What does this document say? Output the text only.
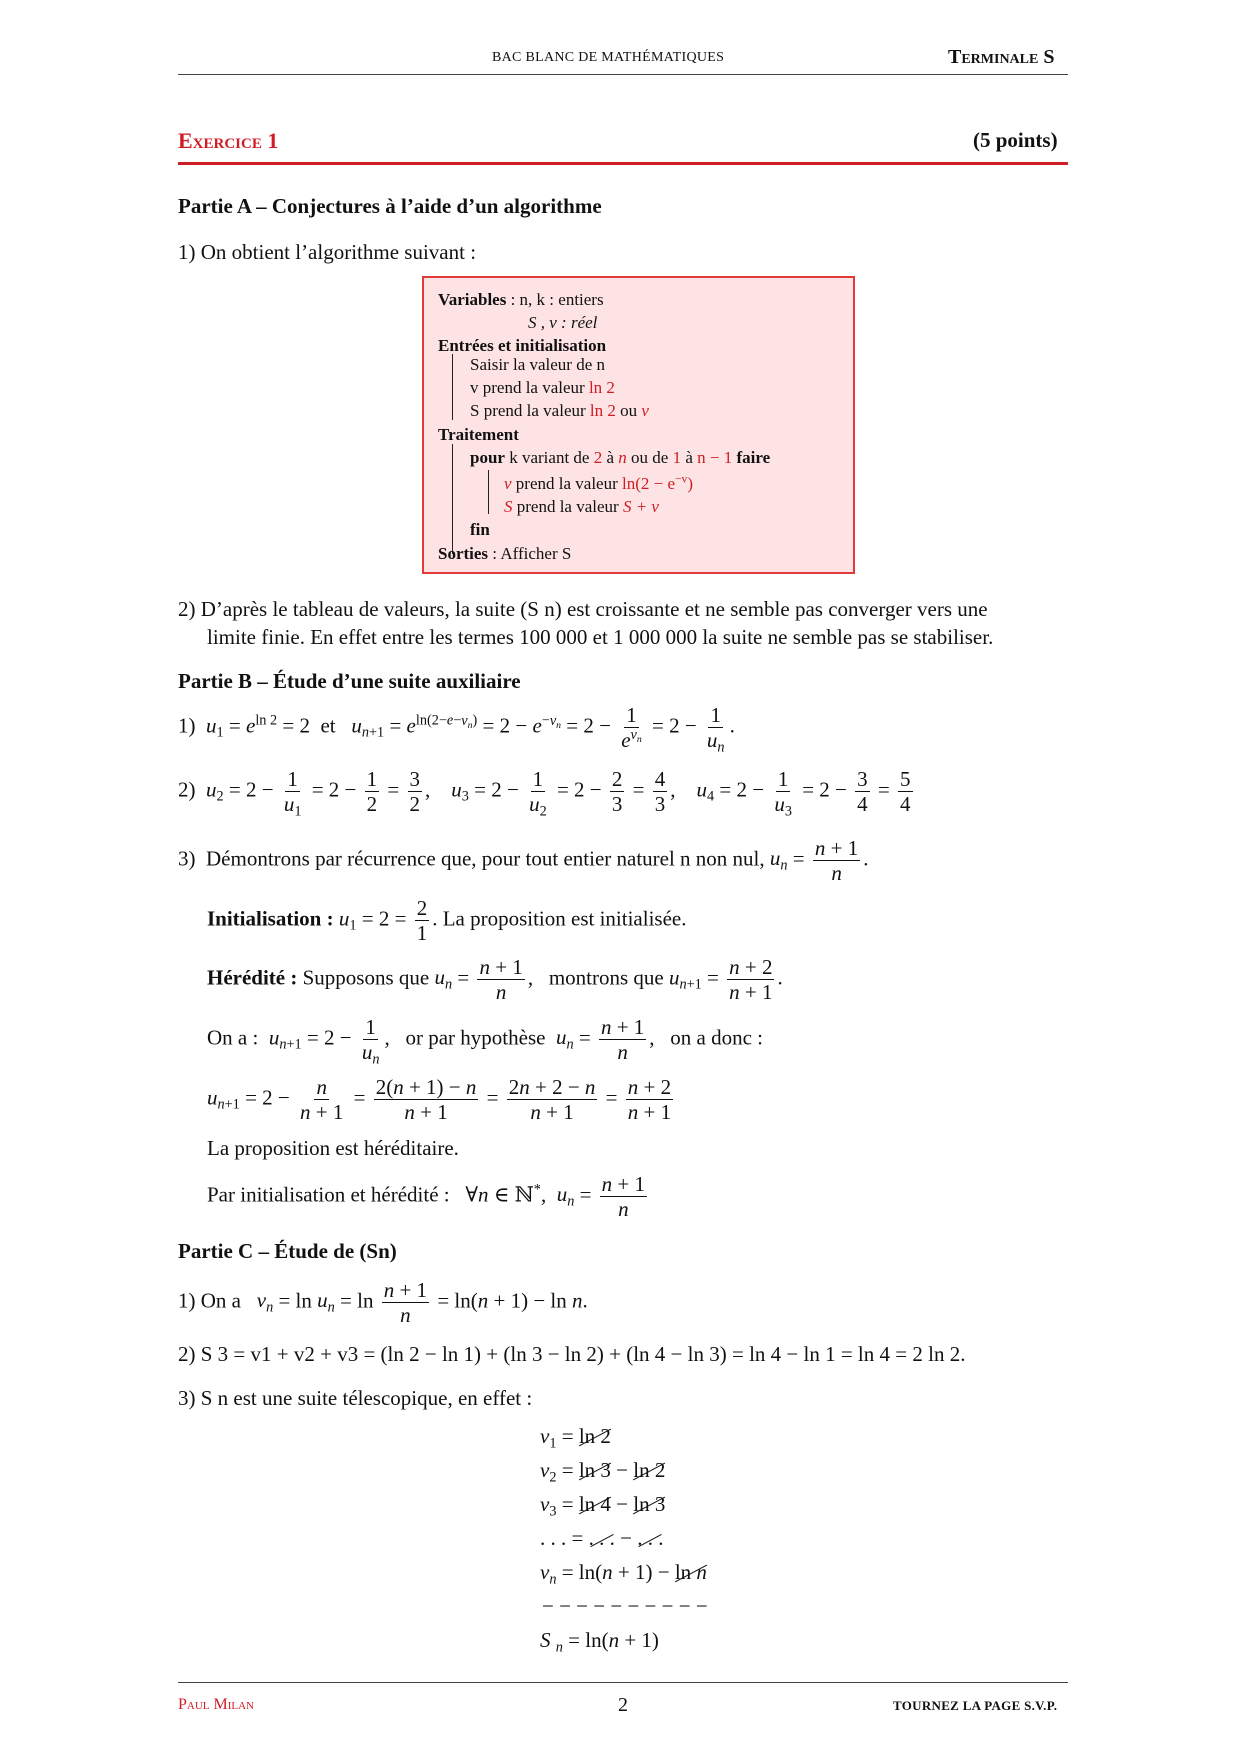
BAC BLANC DE MATHÉMATIQUES	Terminale S
Exercice 1	(5 points)
Partie A – Conjectures à l’aide d’un algorithme
1) On obtient l’algorithme suivant :
Variables : n, k : entiers
S , v : réel
Entrées et initialisation
Saisir la valeur de n
v prend la valeur ln 2
S prend la valeur ln 2 ou v
Traitement
pour k variant de 2 à n ou de 1 à n − 1 faire
v prend la valeur $\ln(2 - e^{-v})$
S prend la valeur S + v
fin
Sorties : Afficher S
2) D’après le tableau de valeurs, la suite (S n) est croissante et ne semble pas converger vers une
limite finie. En effet entre les termes 100 000 et 1 000 000 la suite ne semble pas se stabiliser.
Partie B – Étude d’une suite auxiliaire
1) $u_1 = e^{ln 2} = 2$  et   $u_{n+1} = e^{ln(2-e-v_n)} = 2 - e^{-v_n} = 2 - \frac{1}{e^{v_n}} = 2 - \frac{1}{u_n}$ .
2) $u_2 = 2 - \frac{1}{u_1} = 2 - \frac{1}{2} = \frac{3}{2}$ ,    $u_3 = 2 - \frac{1}{u_2} = 2 - \frac{2}{3} = \frac{4}{3}$ ,    $u_4 = 2 - \frac{1}{u_3} = 2 - \frac{3}{4} = \frac{5}{4}$
3) Démontrons par récurrence que, pour tout entier naturel n non nul, $u_n = \frac{n + 1}{n}$ .
Initialisation : $u_1 = 2 = \frac{2}{1}$ . La proposition est initialisée.
Hérédité : Supposons que $u_n = \frac{n + 1}{n}$ ,   montrons que $u_{n+1} = \frac{n + 2}{n + 1}$ .
On a : $u_{n+1} = 2 - \frac{1}{u_n}$ ,   or par hypothèse $u_n = \frac{n + 1}{n}$ ,   on a donc :
$u_{n+1} = 2 - \frac{n}{n + 1} = \frac{2(n + 1) - n}{n + 1} = \frac{2n + 2 - n}{n + 1} = \frac{n + 2}{n + 1}$
La proposition est héréditaire.
Par initialisation et hérédité :   ∀n ∈ ℕ*,  $u_n = \frac{n + 1}{n}$
Partie C – Étude de (Sn)
1) On a $v_n = \ln u_n = \ln \frac{n + 1}{n} = \ln(n + 1) - \ln n$.
2) S 3 = v1 + v2 + v3 = (ln 2 − ln 1) + (ln 3 − ln 2) + (ln 4 − ln 3) = ln 4 − ln 1 = ln 4 = 2 ln 2.
3) S n est une suite télescopique, en effet :
$v_1 = \ln 2$
$v_2 = \ln 3 - \ln 2$
$v_3 = \ln 4 - \ln 3$
. . . = . . . − . . .
$v_n = \ln(n + 1) - \ln n$
− − − − − − − − − −
S $_n$ = ln(n + 1)
Paul Milan	2	TOURNEZ LA PAGE S.V.P.
